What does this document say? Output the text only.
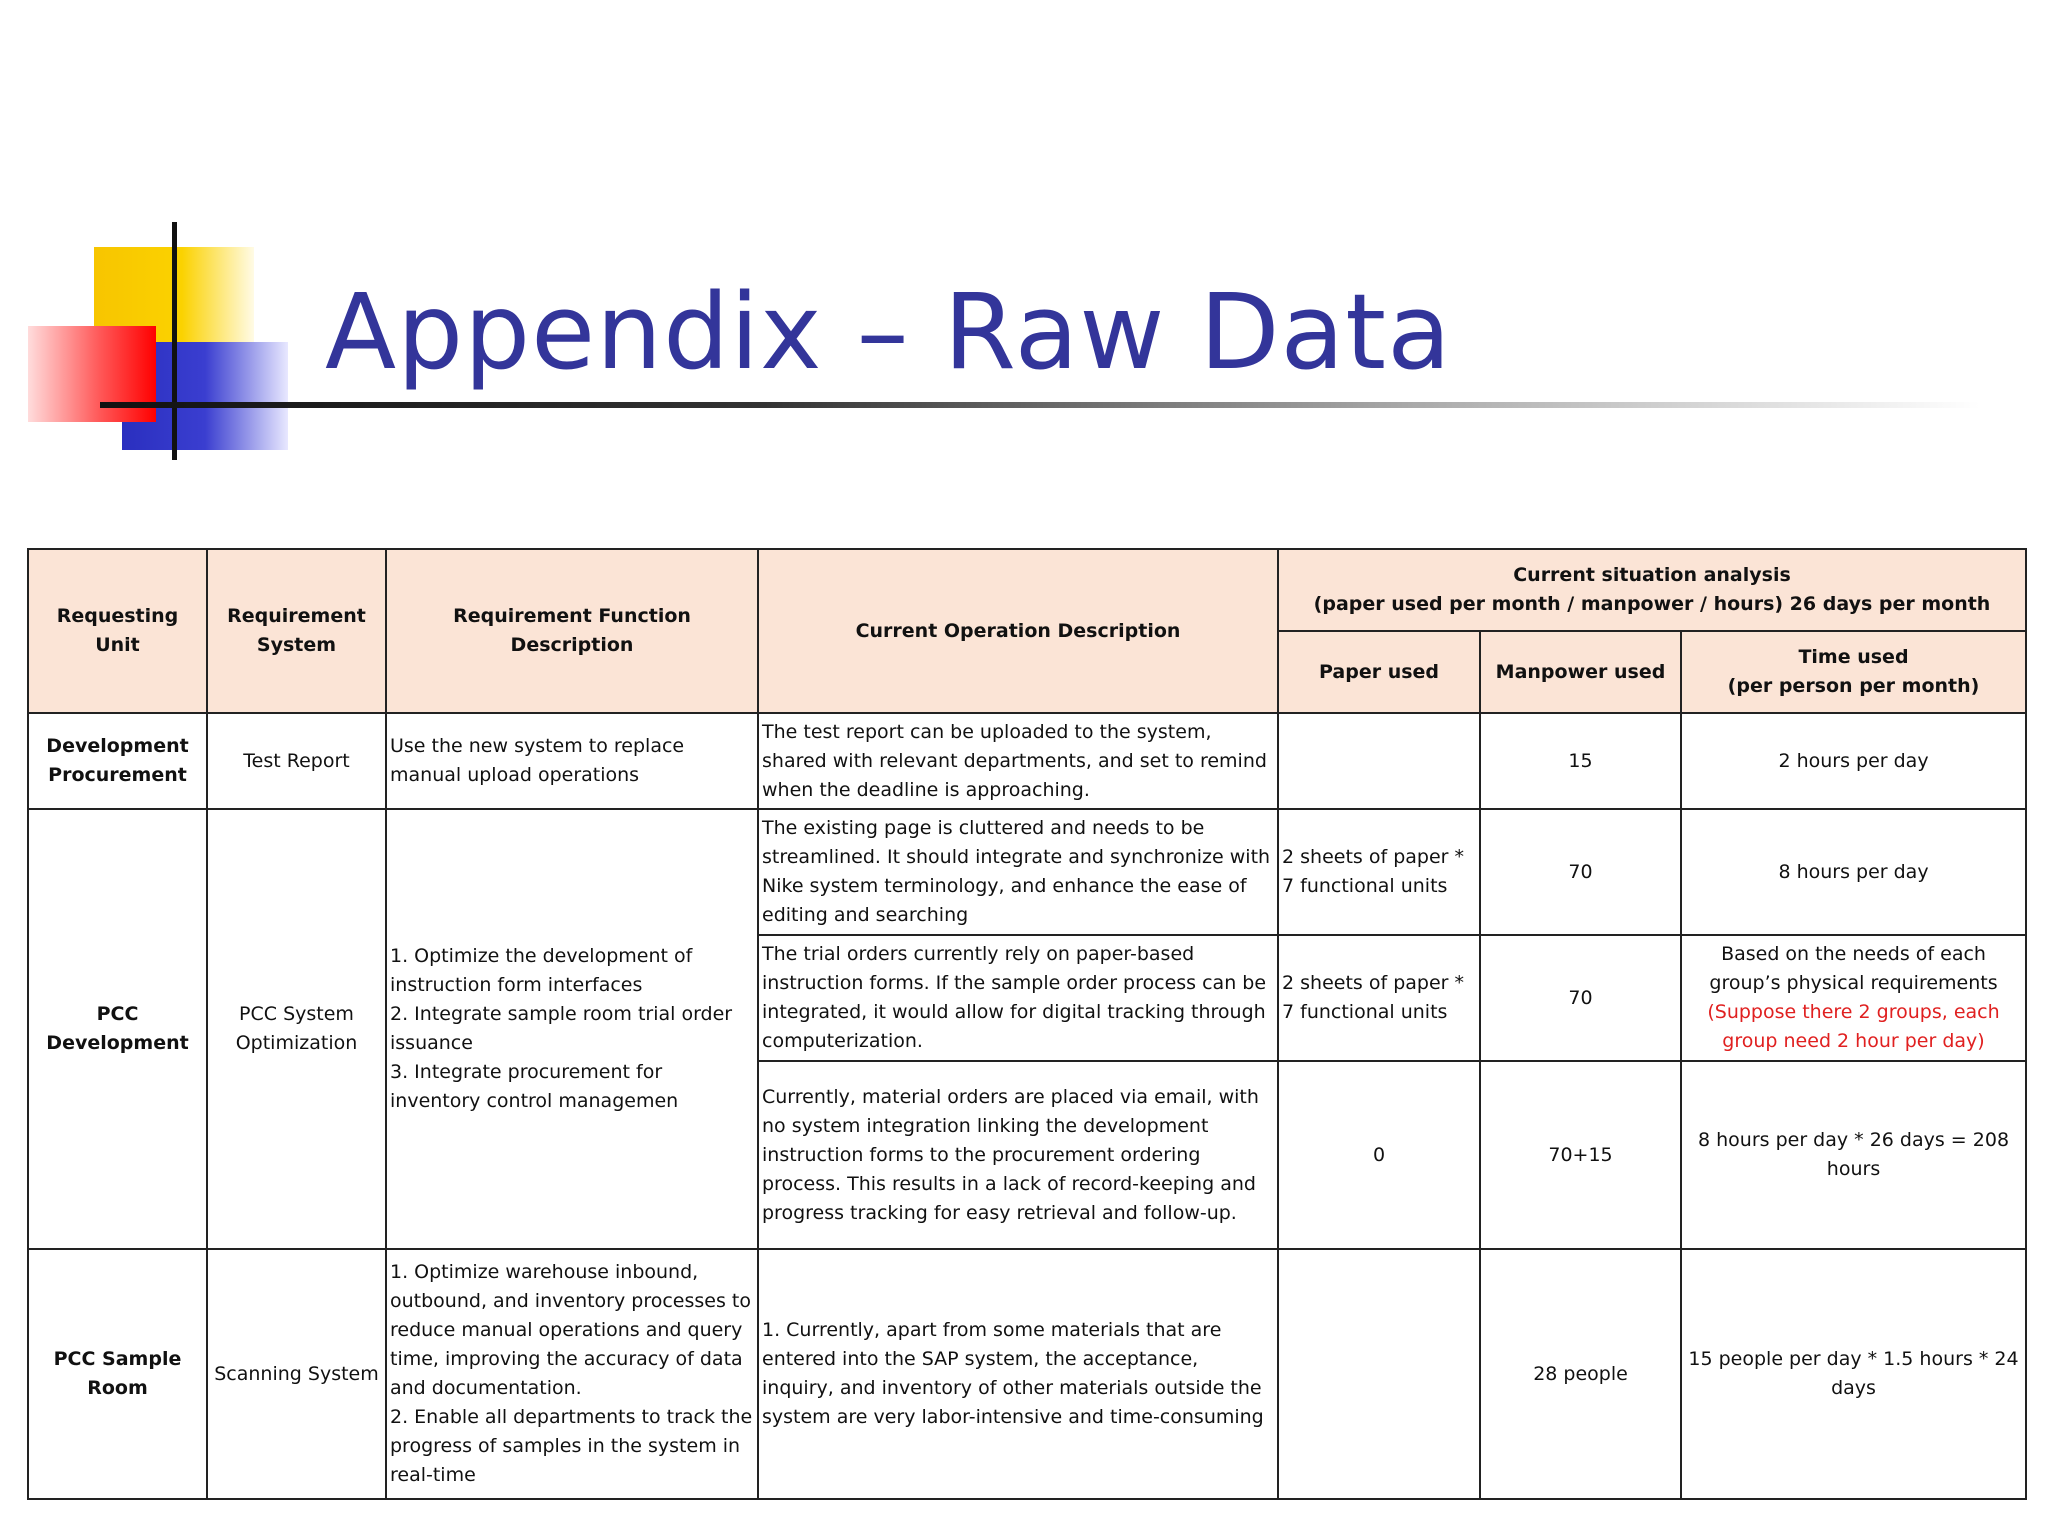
Appendix – Raw Data
Requesting Unit	Requirement System	Requirement Function Description	Current Operation Description	Current situation analysis
(paper used per month / manpower / hours) 26 days per month		

				Paper used	Manpower used	Time used
(per person per month)

Development Procurement	Test Report	Use the new system to replace manual upload operations	The test report can be uploaded to the system, shared with relevant departments, and set to remind when the deadline is approaching.		15	2 hours per day
PCC Development	PCC System Optimization	1. Optimize the development of instruction form interfaces
2. Integrate sample room trial order issuance
3. Integrate procurement for inventory control managemen	The existing page is cluttered and needs to be streamlined. It should integrate and synchronize with Nike system terminology, and enhance the ease of editing and searching	2 sheets of paper * 7 functional units	70	8 hours per day
			The trial orders currently rely on paper-based instruction forms. If the sample order process can be integrated, it would allow for digital tracking through computerization.	2 sheets of paper * 7 functional units	70	Based on the needs of each group’s physical requirements
(Suppose there 2 groups, each group need 2 hour per day)

			Currently, material orders are placed via email, with no system integration linking the development instruction forms to the procurement ordering process. This results in a lack of record-keeping and progress tracking for easy retrieval and follow-up.	0	70+15	8 hours per day * 26 days = 208 hours
PCC Sample Room	Scanning System	1. Optimize warehouse inbound, outbound, and inventory processes to reduce manual operations and query time, improving the accuracy of data and documentation.
2. Enable all departments to track the progress of samples in the system in real-time	1. Currently, apart from some materials that are entered into the SAP system, the acceptance, inquiry, and inventory of other materials outside the system are very labor-intensive and time-consuming		28 people	15 people per day * 1.5 hours * 24 days
